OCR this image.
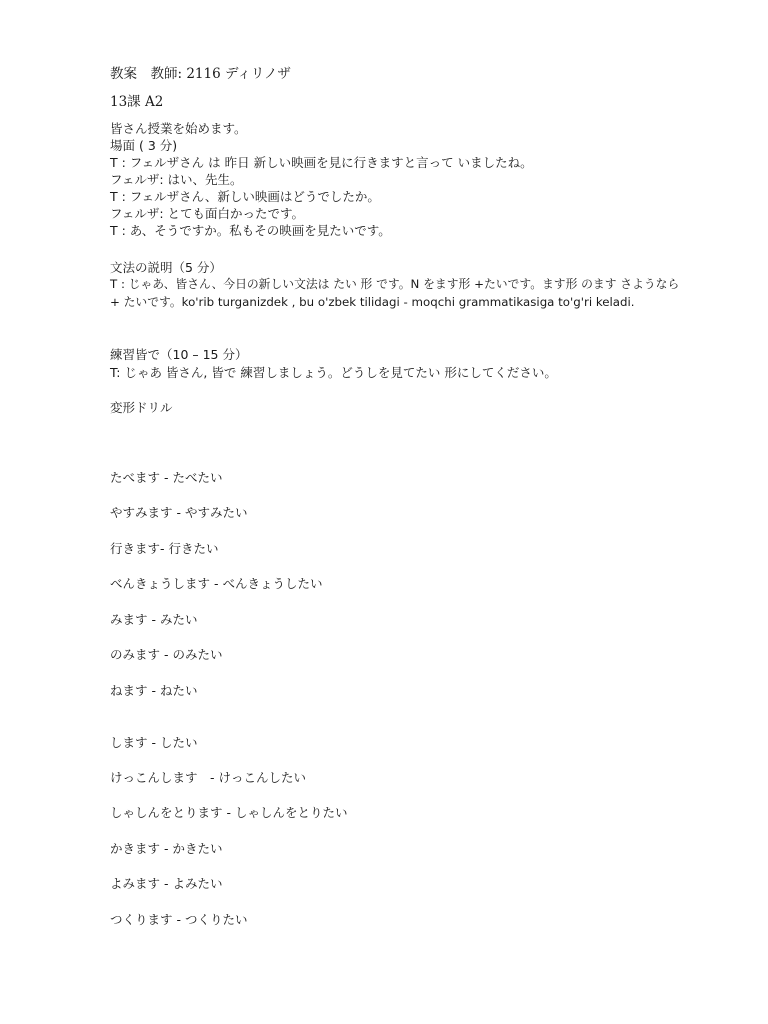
教案　教師: 2116 ディリノザ
13課 A2
皆さん授業を始めます。
場面 ( 3 分)
T : フェルザさん は 昨日 新しい映画を見に行きますと言って いましたね。
フェルザ: はい、先生。
T : フェルザさん、新しい映画はどうでしたか。
フェルザ: とても面白かったです。
T : あ、そうですか。私もその映画を見たいです。
文法の説明（5 分）
T : じゃあ、皆さん、今日の新しい文法は たい 形 です。N をます形 +たいです。ます形 のます さようなら
+ たいです。ko'rib turganizdek , bu o'zbek tilidagi - moqchi grammatikasiga to'g'ri keladi.
練習皆で（10 – 15 分）
T: じゃあ 皆さん, 皆で 練習しましょう。どうしを見てたい 形にしてください。
変形ドリル
たべます - たべたい
やすみます - やすみたい
行きます- 行きたい
べんきょうします - べんきょうしたい
みます - みたい
のみます - のみたい
ねます - ねたい
します - したい
けっこんします　- けっこんしたい
しゃしんをとります - しゃしんをとりたい
かきます - かきたい
よみます - よみたい
つくります - つくりたい
